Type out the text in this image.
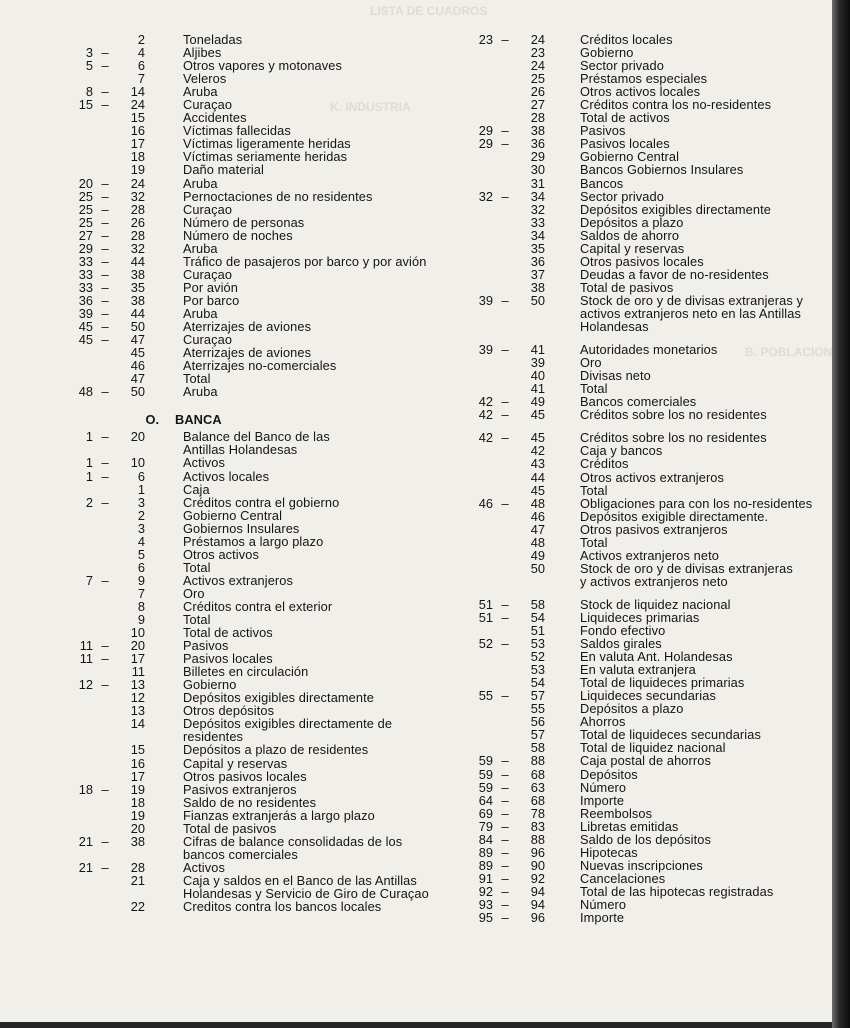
LISTA DE CUADROS
K. INDUSTRIA
B. POBLACION
2	Toneladas
3 –	4	Aljibes
5 –	6	Otros vapores y motonaves
7	Veleros
8 –	14	Aruba
15 –	24	Curaçao
15	Accidentes
16	Víctimas fallecidas
17	Víctimas ligeramente heridas
18	Víctimas seriamente heridas
19	Daño material
20 –	24	Aruba
25 –	32	Pernoctaciones de no residentes
25 –	28	Curaçao
25 –	26	Número de personas
27 –	28	Número de noches
29 –	32	Aruba
33 –	44	Tráfico de pasajeros por barco y por avión
33 –	38	Curaçao
33 –	35	Por avión
36 –	38	Por barco
39 –	44	Aruba
45 –	50	Aterrizajes de aviones
45 –	47	Curaçao
45	Aterrizajes de aviones
46	Aterrizajes no-comerciales
47	Total
48 –	50	Aruba
O.	BANCA
1 –	20	Balance del Banco de las
Antillas Holandesas
1 –	10	Activos
1 –	6	Activos locales
1	Caja
2 –	3	Créditos contra el gobierno
2	Gobierno Central
3	Gobiernos Insulares
4	Préstamos a largo plazo
5	Otros activos
6	Total
7 –	9	Activos extranjeros
7	Oro
8	Créditos contra el exterior
9	Total
10	Total de activos
11 –	20	Pasivos
11 –	17	Pasivos locales
11	Billetes en circulación
12 –	13	Gobierno
12	Depósitos exigibles directamente
13	Otros depósitos
14	Depósitos exigibles directamente de
residentes
15	Depósitos a plazo de residentes
16	Capital y reservas
17	Otros pasivos locales
18 –	19	Pasivos extranjeros
18	Saldo de no residentes
19	Fianzas extranjerás a largo plazo
20	Total de pasivos
21 –	38	Cifras de balance consolidadas de los
bancos comerciales
21 –	28	Activos
21	Caja y saldos en el Banco de las Antillas
Holandesas y Servicio de Giro de Curaçao
22	Creditos contra los bancos locales
23 –	24	Créditos locales
23	Gobierno
24	Sector privado
25	Préstamos especiales
26	Otros activos locales
27	Créditos contra los no-residentes
28	Total de activos
29 –	38	Pasivos
29 –	36	Pasivos locales
29	Gobierno Central
30	Bancos Gobiernos Insulares
31	Bancos
32 –	34	Sector privado
32	Depósitos exigibles directamente
33	Depósitos a plazo
34	Saldos de ahorro
35	Capital y reservas
36	Otros pasivos locales
37	Deudas a favor de no-residentes
38	Total de pasivos
39 –	50	Stock de oro y de divisas extranjeras y
activos extranjeros neto en las Antillas
Holandesas
39 –	41	Autoridades monetarios
39	Oro
40	Divisas neto
41	Total
42 –	49	Bancos comerciales
42 –	45	Créditos sobre los no residentes
42 –	45	Créditos sobre los no residentes
42	Caja y bancos
43	Créditos
44	Otros activos extranjeros
45	Total
46 –	48	Obligaciones para con los no-residentes
46	Depósitos exigible directamente.
47	Otros pasivos extranjeros
48	Total
49	Activos extranjeros neto
50	Stock de oro y de divisas extranjeras
y activos extranjeros neto
51 –	58	Stock de liquidez nacional
51 –	54	Liquideces primarias
51	Fondo efectivo
52 –	53	Saldos girales
52	En valuta Ant. Holandesas
53	En valuta extranjera
54	Total de liquideces primarias
55 –	57	Liquideces secundarias
55	Depósitos a plazo
56	Ahorros
57	Total de liquideces secundarias
58	Total de liquidez nacional
59 –	88	Caja postal de ahorros
59 –	68	Depósitos
59 –	63	Número
64 –	68	Importe
69 –	78	Reembolsos
79 –	83	Libretas emitidas
84 –	88	Saldo de los depósitos
89 –	96	Hipotecas
89 –	90	Nuevas inscripciones
91 –	92	Cancelaciones
92 –	94	Total de las hipotecas registradas
93 –	94	Número
95 –	96	Importe
